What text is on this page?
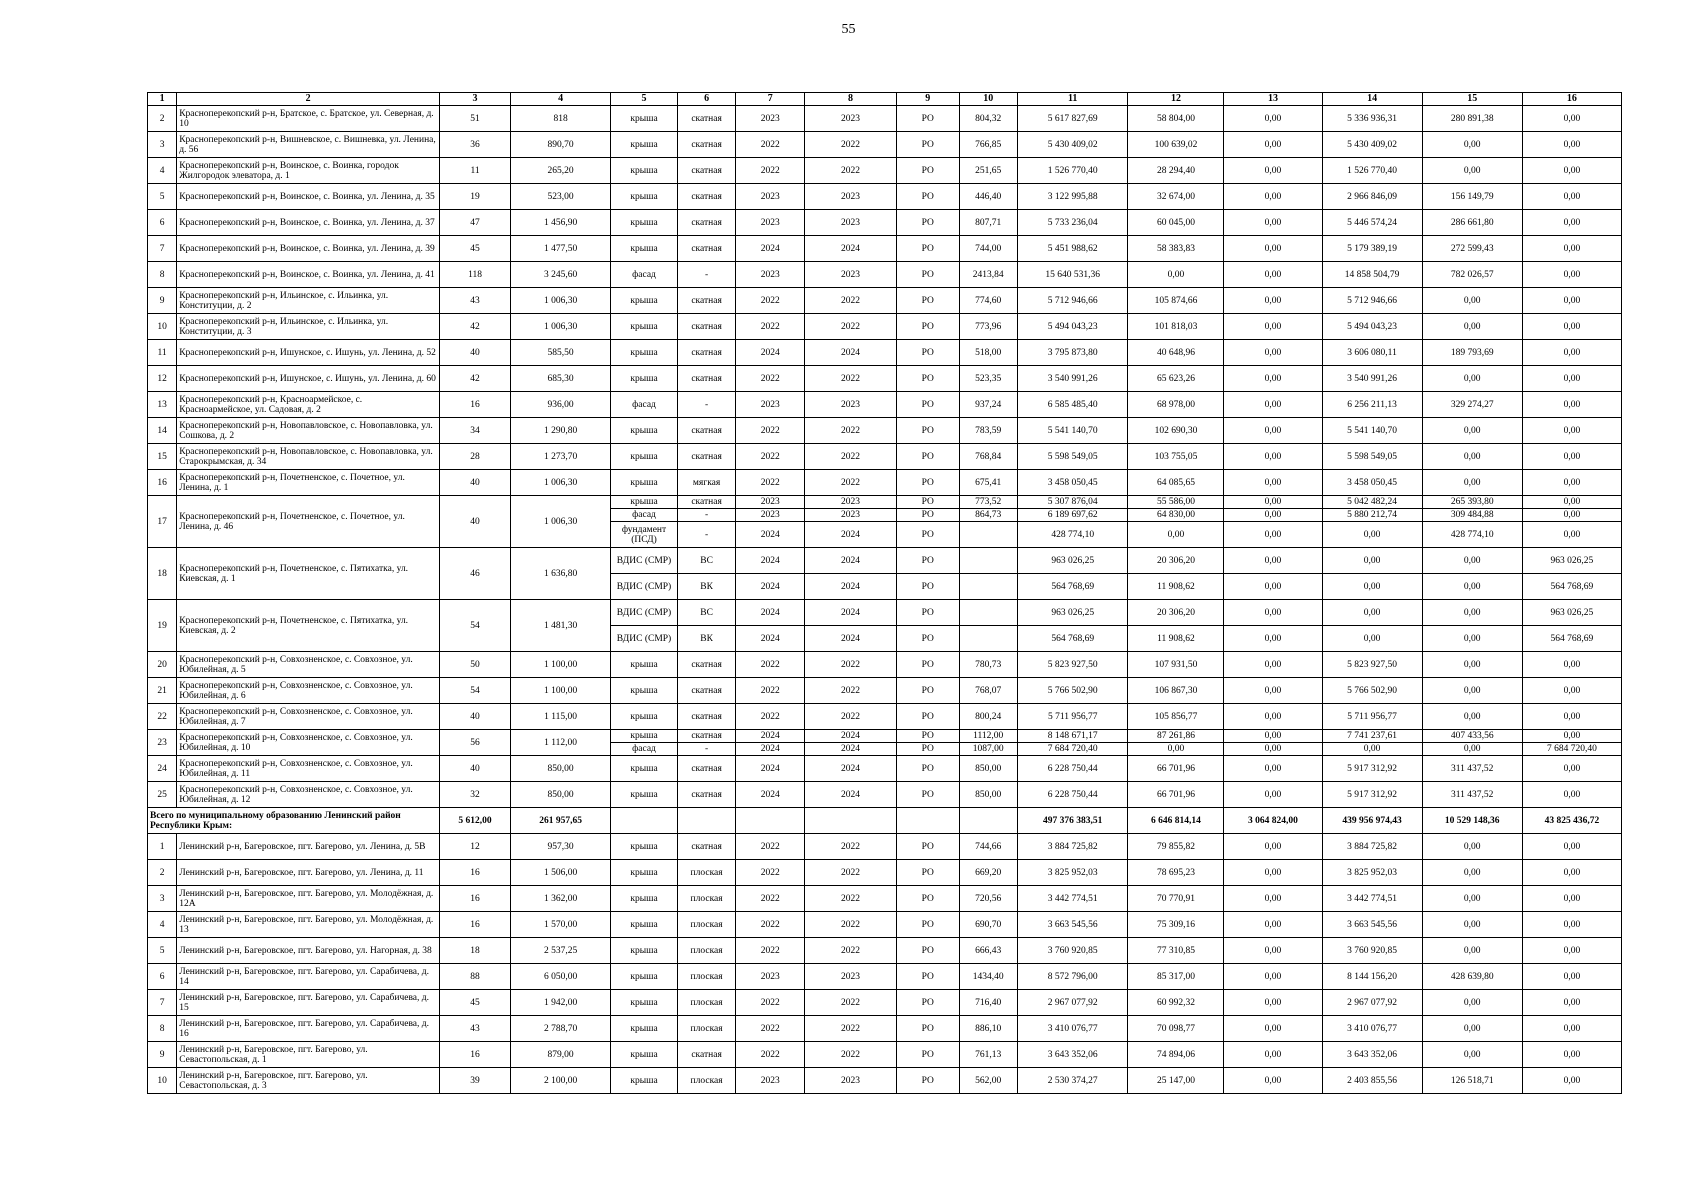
55
1	2	3	4	5	6	7	8	9	10	11	12	13	14	15	16
2	Красноперекопский р-н, Братское, с. Братское, ул. Северная, д. 10	51	818	крыша	скатная	2023	2023	РО	804,32	5 617 827,69	58 804,00	0,00	5 336 936,31	280 891,38	0,00
3	Красноперекопский р-н, Вишневское, с. Вишневка, ул. Ленина, д. 56	36	890,70	крыша	скатная	2022	2022	РО	766,85	5 430 409,02	100 639,02	0,00	5 430 409,02	0,00	0,00
4	Красноперекопский р-н, Воинское, с. Воинка, городок Жилгородок элеватора, д. 1	11	265,20	крыша	скатная	2022	2022	РО	251,65	1 526 770,40	28 294,40	0,00	1 526 770,40	0,00	0,00
5	Красноперекопский р-н, Воинское, с. Воинка, ул. Ленина, д. 35	19	523,00	крыша	скатная	2023	2023	РО	446,40	3 122 995,88	32 674,00	0,00	2 966 846,09	156 149,79	0,00
6	Красноперекопский р-н, Воинское, с. Воинка, ул. Ленина, д. 37	47	1 456,90	крыша	скатная	2023	2023	РО	807,71	5 733 236,04	60 045,00	0,00	5 446 574,24	286 661,80	0,00
7	Красноперекопский р-н, Воинское, с. Воинка, ул. Ленина, д. 39	45	1 477,50	крыша	скатная	2024	2024	РО	744,00	5 451 988,62	58 383,83	0,00	5 179 389,19	272 599,43	0,00
8	Красноперекопский р-н, Воинское, с. Воинка, ул. Ленина, д. 41	118	3 245,60	фасад	-	2023	2023	РО	2413,84	15 640 531,36	0,00	0,00	14 858 504,79	782 026,57	0,00
9	Красноперекопский р-н, Ильинское, с. Ильинка, ул. Конституции, д. 2	43	1 006,30	крыша	скатная	2022	2022	РО	774,60	5 712 946,66	105 874,66	0,00	5 712 946,66	0,00	0,00
10	Красноперекопский р-н, Ильинское, с. Ильинка, ул. Конституции, д. 3	42	1 006,30	крыша	скатная	2022	2022	РО	773,96	5 494 043,23	101 818,03	0,00	5 494 043,23	0,00	0,00
11	Красноперекопский р-н, Ишунское, с. Ишунь, ул. Ленина, д. 52	40	585,50	крыша	скатная	2024	2024	РО	518,00	3 795 873,80	40 648,96	0,00	3 606 080,11	189 793,69	0,00
12	Красноперекопский р-н, Ишунское, с. Ишунь, ул. Ленина, д. 60	42	685,30	крыша	скатная	2022	2022	РО	523,35	3 540 991,26	65 623,26	0,00	3 540 991,26	0,00	0,00
13	Красноперекопский р-н, Красноармейское, с. Красноармейское, ул. Садовая, д. 2	16	936,00	фасад	-	2023	2023	РО	937,24	6 585 485,40	68 978,00	0,00	6 256 211,13	329 274,27	0,00
14	Красноперекопский р-н, Новопавловское, с. Новопавловка, ул. Сошкова, д. 2	34	1 290,80	крыша	скатная	2022	2022	РО	783,59	5 541 140,70	102 690,30	0,00	5 541 140,70	0,00	0,00
15	Красноперекопский р-н, Новопавловское, с. Новопавловка, ул. Старокрымская, д. 34	28	1 273,70	крыша	скатная	2022	2022	РО	768,84	5 598 549,05	103 755,05	0,00	5 598 549,05	0,00	0,00
16	Красноперекопский р-н, Почетненское, с. Почетное, ул. Ленина, д. 1	40	1 006,30	крыша	мягкая	2022	2022	РО	675,41	3 458 050,45	64 085,65	0,00	3 458 050,45	0,00	0,00
17	Красноперекопский р-н, Почетненское, с. Почетное, ул. Ленина, д. 46	40	1 006,30	крыша	скатная	2023	2023	РО	773,52	5 307 876,04	55 586,00	0,00	5 042 482,24	265 393,80	0,00
				фасад	-	2023	2023	РО	864,73	6 189 697,62	64 830,00	0,00	5 880 212,74	309 484,88	0,00
				фундамент (ПСД)	-	2024	2024	РО		428 774,10	0,00	0,00	0,00	428 774,10	0,00
18	Красноперекопский р-н, Почетненское, с. Пятихатка, ул. Киевская, д. 1	46	1 636,80	ВДИС (СМР)	ВС	2024	2024	РО		963 026,25	20 306,20	0,00	0,00	0,00	963 026,25
				ВДИС (СМР)	ВК	2024	2024	РО		564 768,69	11 908,62	0,00	0,00	0,00	564 768,69
19	Красноперекопский р-н, Почетненское, с. Пятихатка, ул. Киевская, д. 2	54	1 481,30	ВДИС (СМР)	ВС	2024	2024	РО		963 026,25	20 306,20	0,00	0,00	0,00	963 026,25
				ВДИС (СМР)	ВК	2024	2024	РО		564 768,69	11 908,62	0,00	0,00	0,00	564 768,69
20	Красноперекопский р-н, Совхозненское, с. Совхозное, ул. Юбилейная, д. 5	50	1 100,00	крыша	скатная	2022	2022	РО	780,73	5 823 927,50	107 931,50	0,00	5 823 927,50	0,00	0,00
21	Красноперекопский р-н, Совхозненское, с. Совхозное, ул. Юбилейная, д. 6	54	1 100,00	крыша	скатная	2022	2022	РО	768,07	5 766 502,90	106 867,30	0,00	5 766 502,90	0,00	0,00
22	Красноперекопский р-н, Совхозненское, с. Совхозное, ул. Юбилейная, д. 7	40	1 115,00	крыша	скатная	2022	2022	РО	800,24	5 711 956,77	105 856,77	0,00	5 711 956,77	0,00	0,00
23	Красноперекопский р-н, Совхозненское, с. Совхозное, ул. Юбилейная, д. 10	56	1 112,00	крыша	скатная	2024	2024	РО	1112,00	8 148 671,17	87 261,86	0,00	7 741 237,61	407 433,56	0,00
				фасад	-	2024	2024	РО	1087,00	7 684 720,40	0,00	0,00	0,00	0,00	7 684 720,40
24	Красноперекопский р-н, Совхозненское, с. Совхозное, ул. Юбилейная, д. 11	40	850,00	крыша	скатная	2024	2024	РО	850,00	6 228 750,44	66 701,96	0,00	5 917 312,92	311 437,52	0,00
25	Красноперекопский р-н, Совхозненское, с. Совхозное, ул. Юбилейная, д. 12	32	850,00	крыша	скатная	2024	2024	РО	850,00	6 228 750,44	66 701,96	0,00	5 917 312,92	311 437,52	0,00
Всего по муниципальному образованию Ленинский район Республики Крым:		5 612,00	261 957,65							497 376 383,51	6 646 814,14	3 064 824,00	439 956 974,43	10 529 148,36	43 825 436,72
1	Ленинский р-н, Багеровское, пгт. Багерово, ул. Ленина, д. 5В	12	957,30	крыша	скатная	2022	2022	РО	744,66	3 884 725,82	79 855,82	0,00	3 884 725,82	0,00	0,00
2	Ленинский р-н, Багеровское, пгт. Багерово, ул. Ленина, д. 11	16	1 506,00	крыша	плоская	2022	2022	РО	669,20	3 825 952,03	78 695,23	0,00	3 825 952,03	0,00	0,00
3	Ленинский р-н, Багеровское, пгт. Багерово, ул. Молодёжная, д. 12А	16	1 362,00	крыша	плоская	2022	2022	РО	720,56	3 442 774,51	70 770,91	0,00	3 442 774,51	0,00	0,00
4	Ленинский р-н, Багеровское, пгт. Багерово, ул. Молодёжная, д. 13	16	1 570,00	крыша	плоская	2022	2022	РО	690,70	3 663 545,56	75 309,16	0,00	3 663 545,56	0,00	0,00
5	Ленинский р-н, Багеровское, пгт. Багерово, ул. Нагорная, д. 38	18	2 537,25	крыша	плоская	2022	2022	РО	666,43	3 760 920,85	77 310,85	0,00	3 760 920,85	0,00	0,00
6	Ленинский р-н, Багеровское, пгт. Багерово, ул. Сарабичева, д. 14	88	6 050,00	крыша	плоская	2023	2023	РО	1434,40	8 572 796,00	85 317,00	0,00	8 144 156,20	428 639,80	0,00
7	Ленинский р-н, Багеровское, пгт. Багерово, ул. Сарабичева, д. 15	45	1 942,00	крыша	плоская	2022	2022	РО	716,40	2 967 077,92	60 992,32	0,00	2 967 077,92	0,00	0,00
8	Ленинский р-н, Багеровское, пгт. Багерово, ул. Сарабичева, д. 16	43	2 788,70	крыша	плоская	2022	2022	РО	886,10	3 410 076,77	70 098,77	0,00	3 410 076,77	0,00	0,00
9	Ленинский р-н, Багеровское, пгт. Багерово, ул. Севастопольская, д. 1	16	879,00	крыша	скатная	2022	2022	РО	761,13	3 643 352,06	74 894,06	0,00	3 643 352,06	0,00	0,00
10	Ленинский р-н, Багеровское, пгт. Багерово, ул. Севастопольская, д. 3	39	2 100,00	крыша	плоская	2023	2023	РО	562,00	2 530 374,27	25 147,00	0,00	2 403 855,56	126 518,71	0,00
